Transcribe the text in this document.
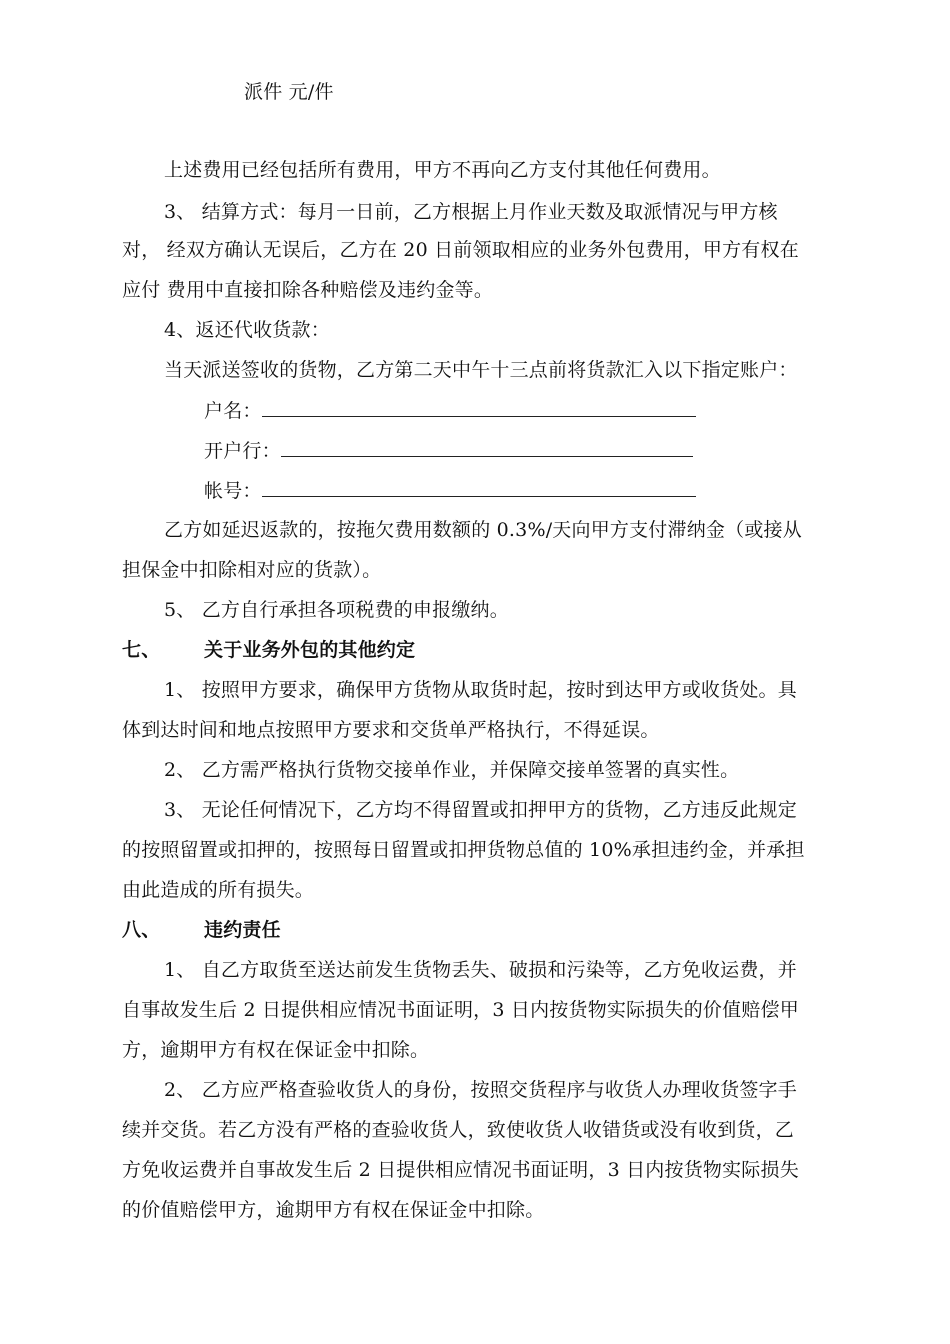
派件 元/件
上述费用已经包括所有费用，甲方不再向乙方支付其他任何费用。
3、 结算方式：每月一日前，乙方根据上月作业天数及取派情况与甲方核
对， 经双方确认无误后，乙方在 20 日前领取相应的业务外包费用，甲方有权在
应付 费用中直接扣除各种赔偿及违约金等。
4、返还代收货款：
当天派送签收的货物，乙方第二天中午十三点前将货款汇入以下指定账户：
户名：
开户行：
帐号：
乙方如延迟返款的，按拖欠费用数额的 0.3%/天向甲方支付滞纳金（或接从
担保金中扣除相对应的货款）。
5、 乙方自行承担各项税费的申报缴纳。
七、 关于业务外包的其他约定
1、 按照甲方要求，确保甲方货物从取货时起，按时到达甲方或收货处。具
体到达时间和地点按照甲方要求和交货单严格执行，不得延误。
2、 乙方需严格执行货物交接单作业，并保障交接单签署的真实性。
3、 无论任何情况下，乙方均不得留置或扣押甲方的货物，乙方违反此规定
的按照留置或扣押的，按照每日留置或扣押货物总值的 10%承担违约金，并承担
由此造成的所有损失。
八、 违约责任
1、 自乙方取货至送达前发生货物丢失、破损和污染等，乙方免收运费，并
自事故发生后 2 日提供相应情况书面证明，3 日内按货物实际损失的价值赔偿甲
方，逾期甲方有权在保证金中扣除。
2、 乙方应严格查验收货人的身份，按照交货程序与收货人办理收货签字手
续并交货。若乙方没有严格的查验收货人，致使收货人收错货或没有收到货，乙
方免收运费并自事故发生后 2 日提供相应情况书面证明，3 日内按货物实际损失
的价值赔偿甲方，逾期甲方有权在保证金中扣除。
